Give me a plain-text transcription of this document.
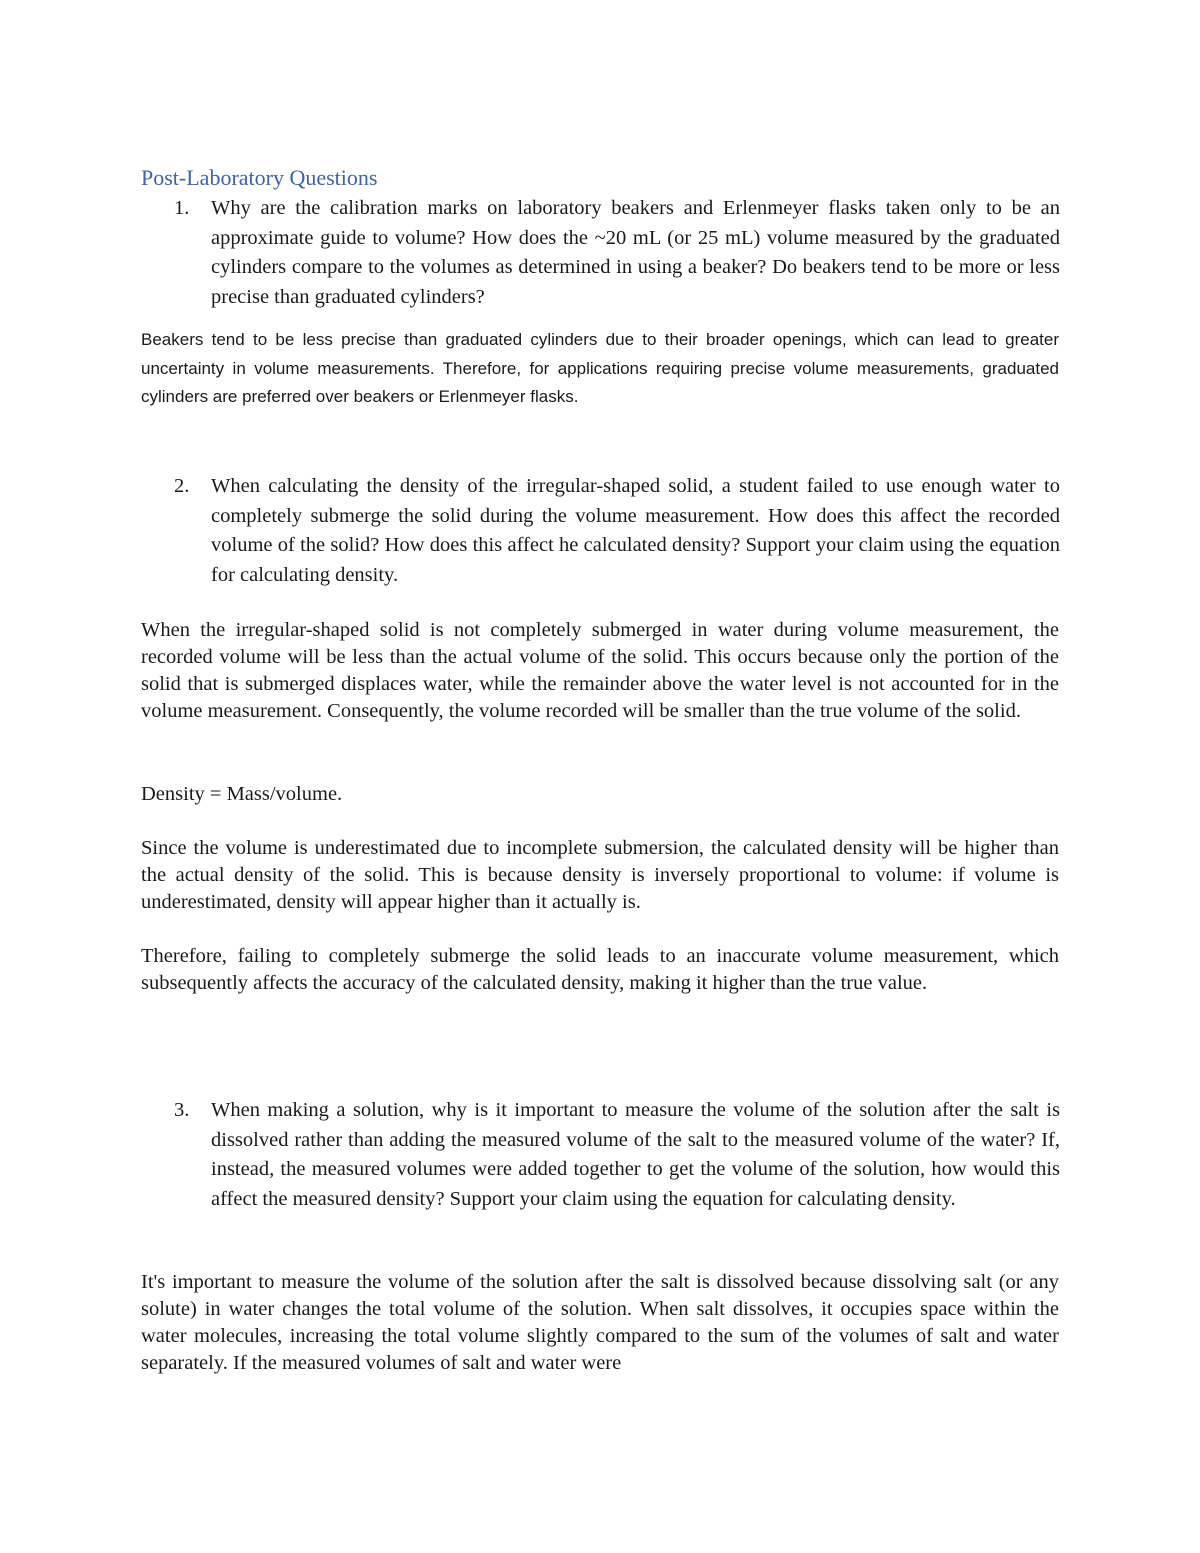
Post-Laboratory Questions
1.	Why are the calibration marks on laboratory beakers and Erlenmeyer flasks taken only to be an approximate guide to volume? How does the ~20 mL (or 25 mL) volume measured by the graduated cylinders compare to the volumes as determined in using a beaker? Do beakers tend to be more or less precise than graduated cylinders?

Beakers tend to be less precise than graduated cylinders due to their broader openings, which can lead to greater uncertainty in volume measurements. Therefore, for applications requiring precise volume measurements, graduated cylinders are preferred over beakers or Erlenmeyer flasks.

2.	When calculating the density of the irregular-shaped solid, a student failed to use enough water to completely submerge the solid during the volume measurement. How does this affect the recorded volume of the solid? How does this affect he calculated density? Support your claim using the equation for calculating density.

When the irregular-shaped solid is not completely submerged in water during volume measurement, the recorded volume will be less than the actual volume of the solid. This occurs because only the portion of the solid that is submerged displaces water, while the remainder above the water level is not accounted for in the volume measurement. Consequently, the volume recorded will be smaller than the true volume of the solid.

Density = Mass/volume.

Since the volume is underestimated due to incomplete submersion, the calculated density will be higher than the actual density of the solid. This is because density is inversely proportional to volume: if volume is underestimated, density will appear higher than it actually is.

Therefore, failing to completely submerge the solid leads to an inaccurate volume measurement, which subsequently affects the accuracy of the calculated density, making it higher than the true value.

3.	When making a solution, why is it important to measure the volume of the solution after the salt is dissolved rather than adding the measured volume of the salt to the measured volume of the water? If, instead, the measured volumes were added together to get the volume of the solution, how would this affect the measured density? Support your claim using the equation for calculating density.

It's important to measure the volume of the solution after the salt is dissolved because dissolving salt (or any solute) in water changes the total volume of the solution. When salt dissolves, it occupies space within the water molecules, increasing the total volume slightly compared to the sum of the volumes of salt and water separately. If the measured volumes of salt and water were
